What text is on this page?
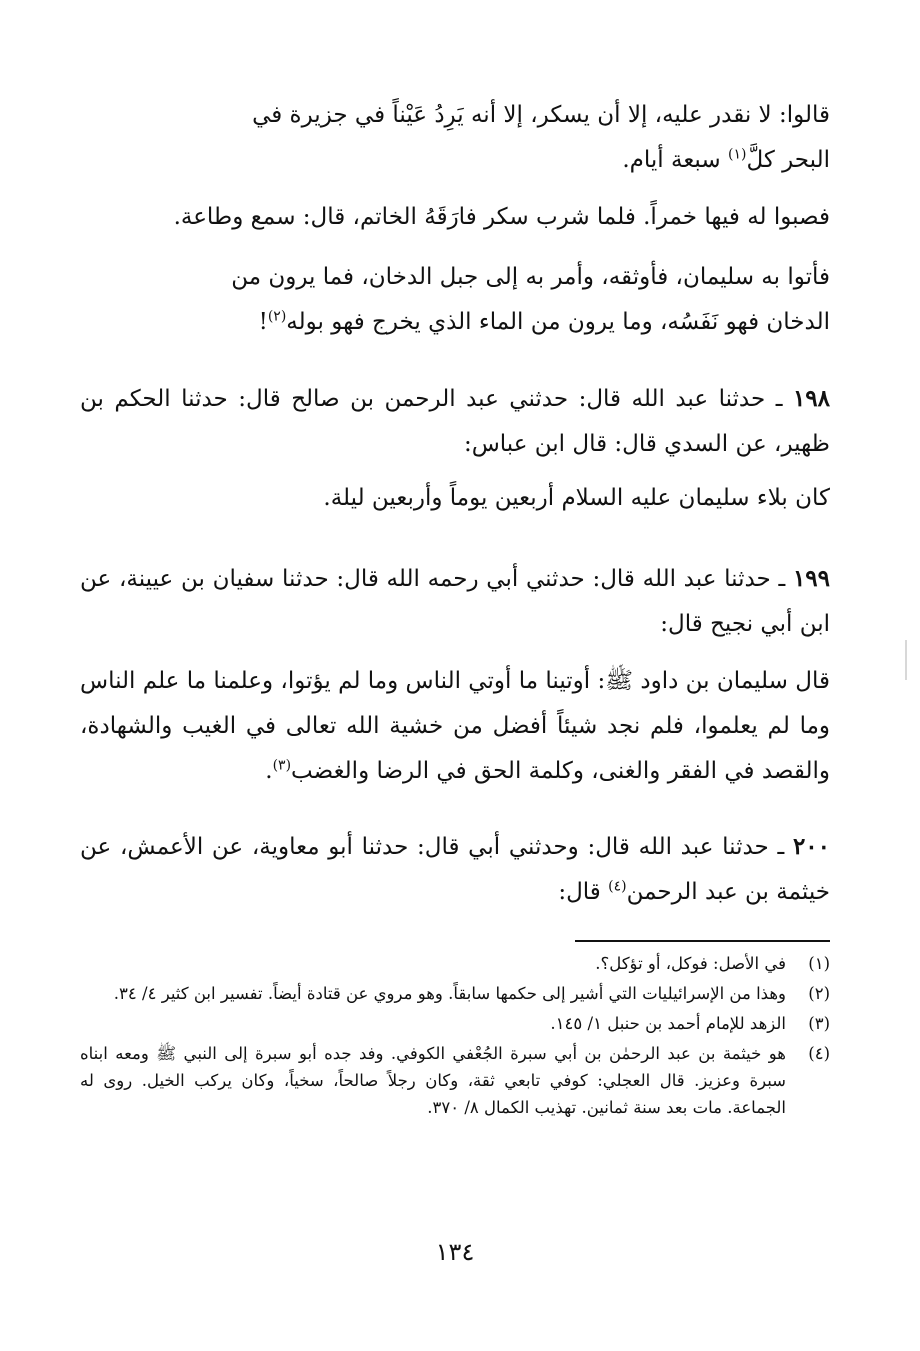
قالوا: لا نقدر عليه، إلا أن يسكر، إلا أنه يَرِدُ عَيْناً في جزيرة في
البحر كلَّ$^{(١)}$ سبعة أيام.

فصبوا له فيها خمراً. فلما شرب سكر فارَقَهُ الخاتم، قال: سمع وطاعة.

فأتوا به سليمان، فأوثقه، وأمر به إلى جبل الدخان، فما يرون من
الدخان فهو نَفَسُه، وما يرون من الماء الذي يخرج فهو بوله$^{(٢)}$!

١٩٨ ـ حدثنا عبد الله قال: حدثني عبد الرحمن بن صالح قال: حدثنا الحكم بن ظهير، عن السدي قال: قال ابن عباس:

كان بلاء سليمان عليه السلام أربعين يوماً وأربعين ليلة.

١٩٩ ـ حدثنا عبد الله قال: حدثني أبي رحمه الله قال: حدثنا سفيان بن عيينة، عن ابن أبي نجيح قال:

قال سليمان بن داود ﷺ: أوتينا ما أوتي الناس وما لم يؤتوا، وعلمنا ما علم الناس وما لم يعلموا، فلم نجد شيئاً أفضل من خشية الله تعالى في الغيب والشهادة، والقصد في الفقر والغنى، وكلمة الحق في الرضا والغضب$^{(٣)}$.

٢٠٠ ـ حدثنا عبد الله قال: وحدثني أبي قال: حدثنا أبو معاوية، عن الأعمش، عن خيثمة بن عبد الرحمن$^{(٤)}$ قال:

(١)
في الأصل: فوكل، أو تؤكل؟.
(٢)
وهذا من الإسرائيليات التي أشير إلى حكمها سابقاً. وهو مروي عن قتادة أيضاً. تفسير ابن كثير ٤/ ٣٤.
(٣)
الزهد للإمام أحمد بن حنبل ١/ ١٤٥.
(٤)
هو خيثمة بن عبد الرحمٰن بن أبي سبرة الجُعْفي الكوفي. وفد جده أبو سبرة إلى النبي ﷺ ومعه ابناه سبرة وعزيز. قال العجلي: كوفي تابعي ثقة، وكان رجلاً صالحاً، سخياً، وكان يركب الخيل. روى له الجماعة. مات بعد سنة ثمانين. تهذيب الكمال ٨/ ٣٧٠.
١٣٤
